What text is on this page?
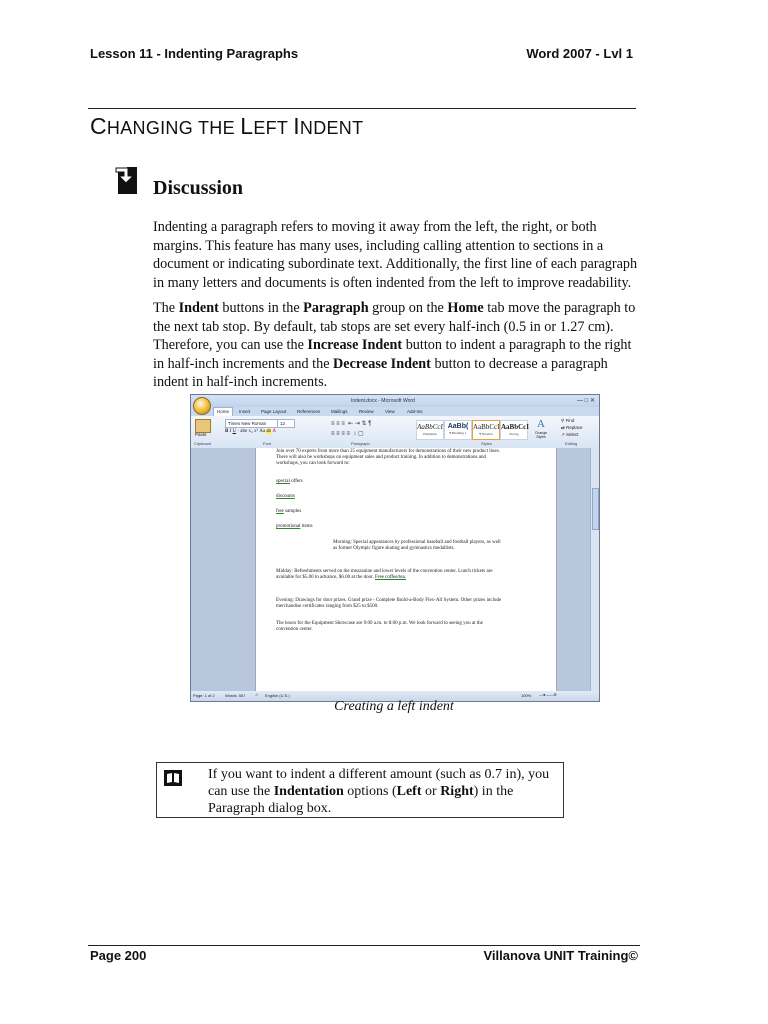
Lesson 11 - Indenting Paragraphs	Word 2007 - Lvl 1
CHANGING THE LEFT INDENT
Discussion

Indenting a paragraph refers to moving it away from the left, the right, or both margins. This feature has many uses, including calling attention to sections in a document or indicating subordinate text. Additionally, the first line of each paragraph in many letters and documents is often indented from the left to improve readability.

The Indent buttons in the Paragraph group on the Home tab move the paragraph to the next tab stop. By default, tab stops are set every half-inch (0.5 in or 1.27 cm). Therefore, you can use the Increase Indent button to indent a paragraph to the right in half-inch increments and the Decrease Indent button to decrease a paragraph indent in half-inch increments.

Indent.docx - Microsoft Word	— □ ✕
Home	Insert Page Layout References Mailings	Review View	Add-Ins
Paste
Clipboard
Times New Roman	12
B I U · abe x₂ x² Aa ab A
Font
≡ ≡ ≡  ⇤ ⇥ ⇅ ¶
≡ ≡ ≡ ≡  ↕ ▢
Paragraph
AaBbCcI
Emphasis
AaBb(
¶ Heading 1
AaBbCcI
¶ Normal
AaBbCcI
Strong
A
Change Styles
Styles
⚲ Find
⇄ Replace
↗ Select
Editing
Join over 70 experts from more than 25 equipment manufacturers for demonstrations of their new product lines. There will also be workshops on equipment sales and product training. In addition to demonstrations and workshops, you can look forward to:
special offers
discounts
free samples
promotional items
Morning: Special appearances by professional baseball and football players, as well as former Olympic figure skating and gymnastics medallists.
Midday: Refreshments served on the mezzanine and lower levels of the convention center. Lunch tickets are available for $5.00 in advance, $6.00 at the door. Free coffee/tea.
Evening: Drawings for door prizes. Grand prize - Complete Build-a-Body Flex-All System. Other prizes include merchandise certificates ranging from $25 to $500.
The hours for the Equipment Showcase are 9:00 a.m. to 8:00 p.m. We look forward to seeing you at the convention center.
Page: 1 of 2	Words: 557 ⚠ English (U.S.)	100% —●——⊕
Creating a left indent

If you want to indent a different amount (such as 0.7 in), you can use the Indentation options (Left or Right) in the Paragraph dialog box.

Page 200	Villanova UNIT Training©
